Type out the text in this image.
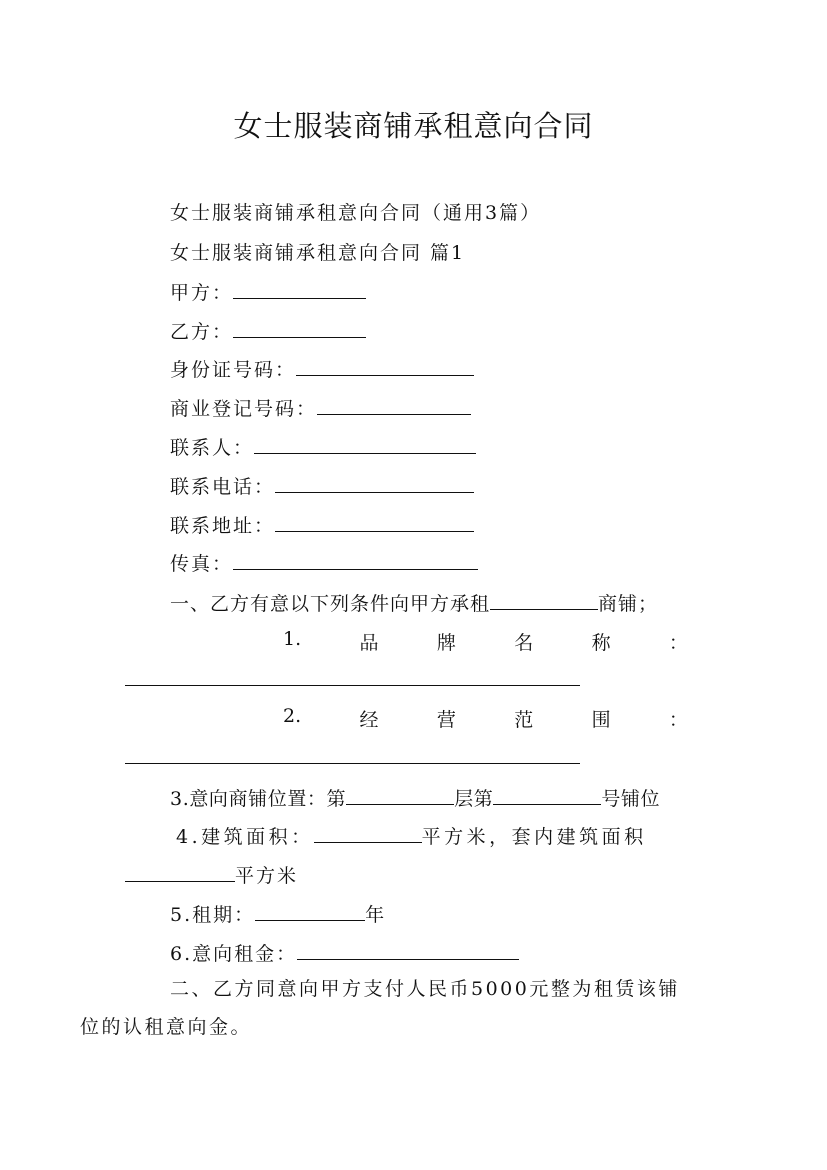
女士服装商铺承租意向合同
女士服装商铺承租意向合同（通用3篇）
女士服装商铺承租意向合同 篇1
甲方：
乙方：
身份证号码：
商业登记号码：
联系人：
联系电话：
联系地址：
传真：
一、乙方有意以下列条件向甲方承租	商铺；
1.	品	牌	名	称	：
2.	经	营	范	围	：
3.意向商铺位置：第	层第	号铺位
4.建筑面积：	平方米，套内建筑面积
平方米
5.租期：	年
6.意向租金：
二、乙方同意向甲方支付人民币5000元整为租赁该铺
位的认租意向金。
